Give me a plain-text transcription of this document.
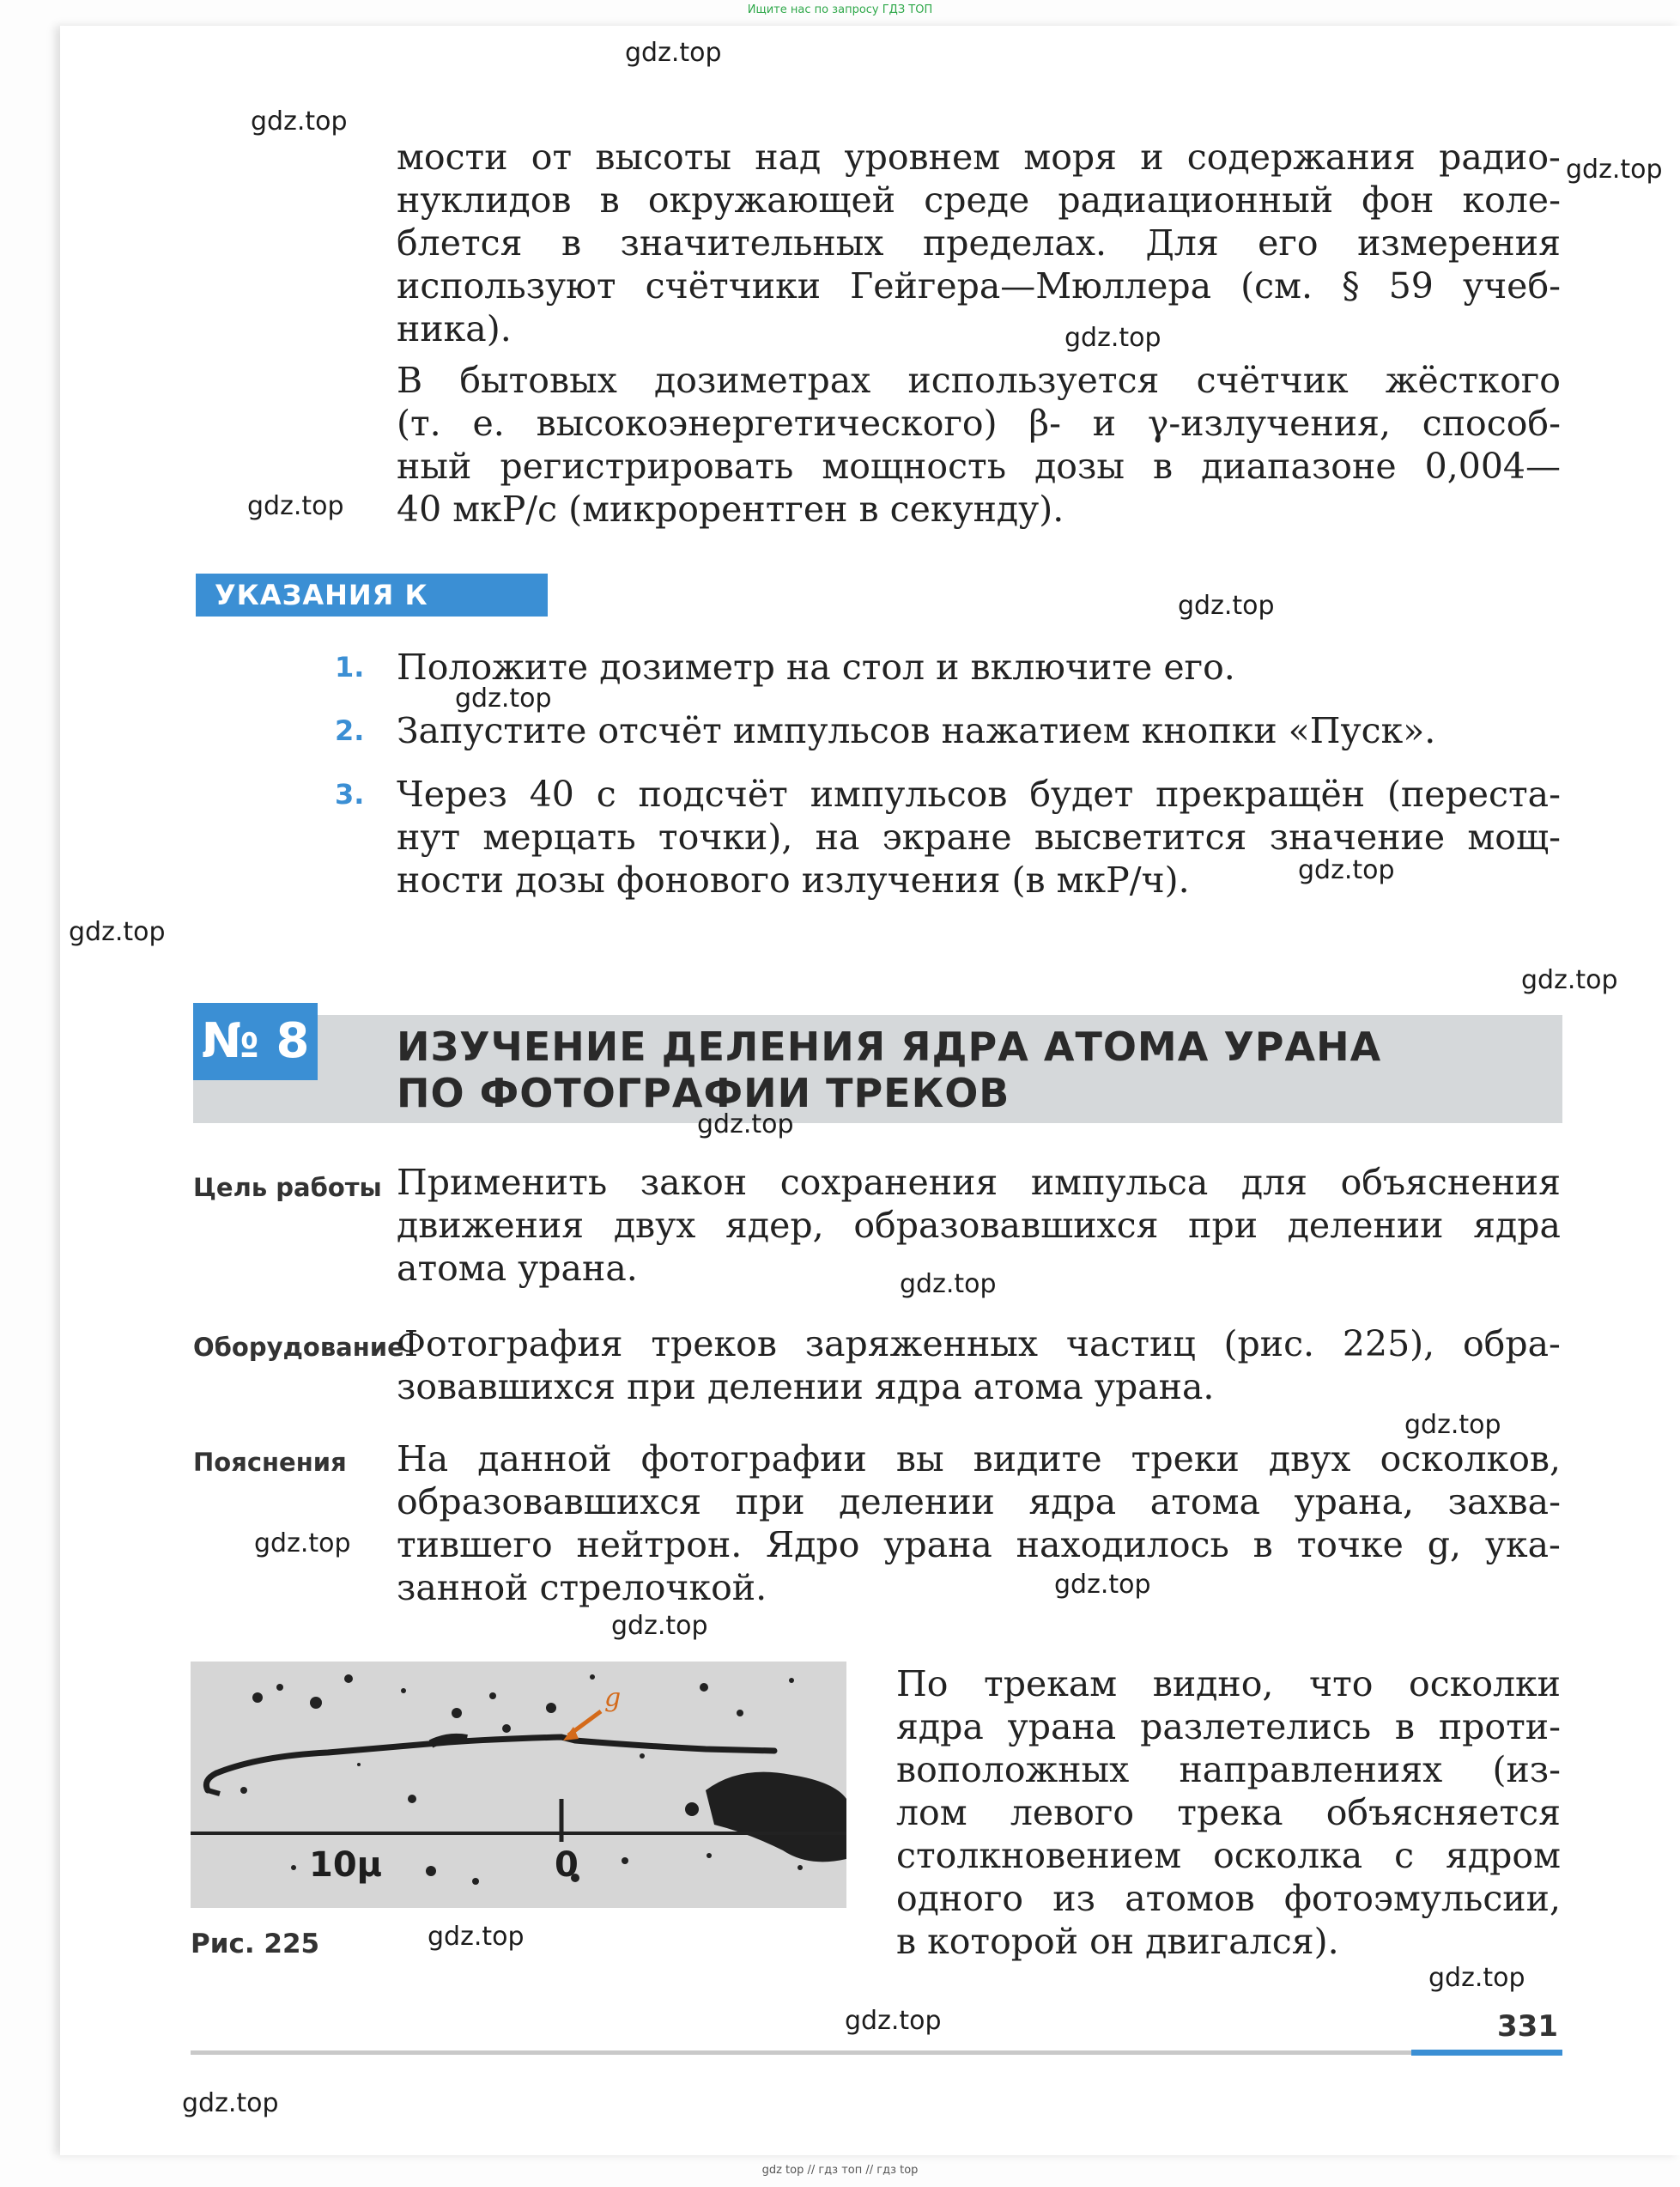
Ищите нас по запросу ГДЗ ТОП
мости от высоты над уровнем моря и содержания радио-
нуклидов в окружающей среде радиационный фон коле-
блется в значительных пределах. Для его измерения
используют счётчики Гейгера—Мюллера (см. § 59 учеб-
ника).
В бытовых дозиметрах используется счётчик жёсткого
(т. е. высокоэнергетического) β- и γ-излучения, способ-
ный регистрировать мощность дозы в диапазоне 0,004—
40 мкР/с (микрорентген в секунду).
УКАЗАНИЯ К РАБОТЕ
1. Положите дозиметр на стол и включите его.
2. Запустите отсчёт импульсов нажатием кнопки «Пуск».
3. Через 40 с подсчёт импульсов будет прекращён (переста-
нут мерцать точки), на экране высветится значение мощ-
ности дозы фонового излучения (в мкР/ч).
№ 8 ИЗУЧЕНИЕ ДЕЛЕНИЯ ЯДРА АТОМА УРАНА
ПО ФОТОГРАФИИ ТРЕКОВ
Цель работы Применить закон сохранения импульса для объяснения
движения двух ядер, образовавшихся при делении ядра
атома урана.
Оборудование
Фотография треков заряженных частиц (рис. 225), обра-
зовавшихся при делении ядра атома урана.
Пояснения На данной фотографии вы видите треки двух осколков,
образовавшихся при делении ядра атома урана, захва-
тившего нейтрон. Ядро урана находилось в точке g, ука-
занной стрелочкой.
g
10μ	0
Рис. 225
По трекам видно, что осколки
ядра урана разлетелись в проти-
воположных направлениях (из-
лом левого трека объясняется
столкновением осколка с ядром
одного из атомов фотоэмульсии,
в которой он двигался).
331
gdz.top
gdz.top
gdz.top
gdz.top
gdz.top
gdz.top
gdz.top
gdz.top
gdz.top
gdz.top
gdz.top
gdz.top
gdz.top
gdz.top
gdz.top
gdz.top
gdz.top
gdz.top
gdz.top
gdz.top
gdz top // гдз топ // гдз top
